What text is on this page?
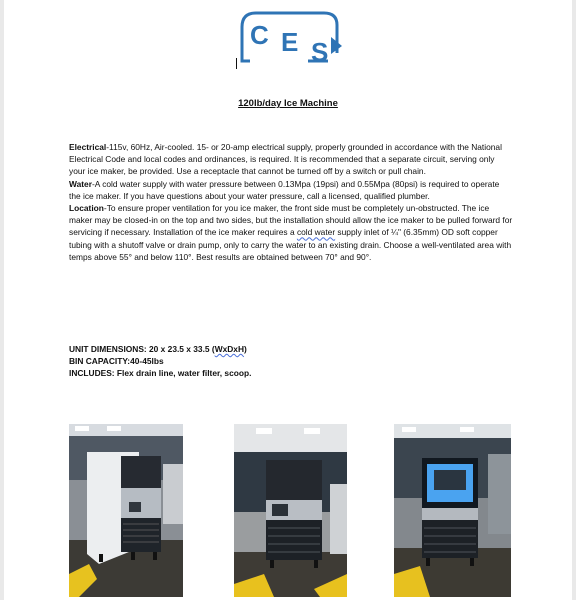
C E S
120lb/day Ice Machine

Electrical-115v, 60Hz, Air-cooled. 15- or 20-amp electrical supply, properly grounded in accordance with the National Electrical Code and local codes and ordinances, is required. It is recommended that a separate circuit, serving only your ice maker, be provided. Use a receptacle that cannot be turned off by a switch or pull chain.

Water-A cold water supply with water pressure between 0.13Mpa (19psi) and 0.55Mpa (80psi) is required to operate the ice maker. If you have questions about your water pressure, call a licensed, qualified plumber.

Location-To ensure proper ventilation for you ice maker, the front side must be completely un-obstructed. The ice maker may be closed-in on the top and two sides, but the installation should allow the ice maker to be pulled forward for servicing if necessary. Installation of the ice maker requires a cold water supply inlet of ¼" (6.35mm) OD soft copper tubing with a shutoff valve or drain pump, only to carry the water to an existing drain. Choose a well-ventilated area with temps above 55° and below 110°. Best results are obtained between 70° and 90°.

UNIT DIMENSIONS: 20 x 23.5 x 33.5 (WxDxH)
BIN CAPACITY:40-45lbs
INCLUDES: Flex drain line, water filter, scoop.
